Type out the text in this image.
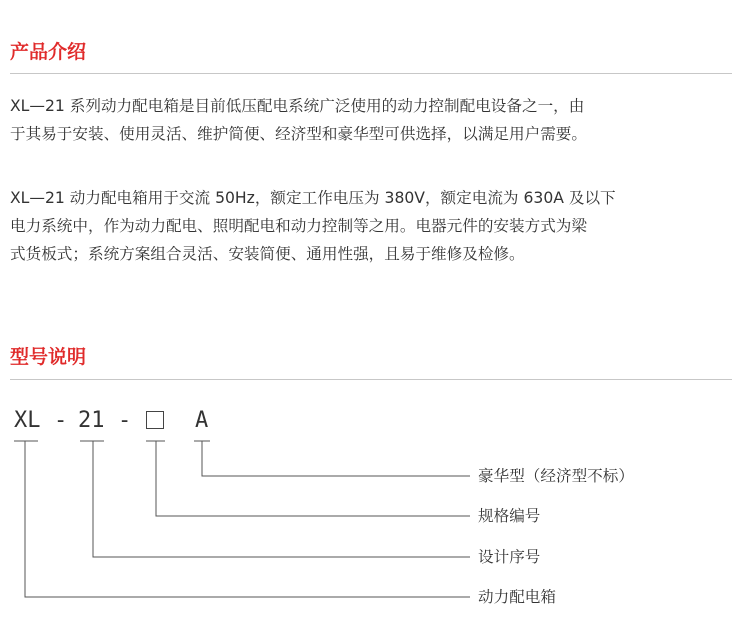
产品介绍

XL—21 系列动力配电箱是目前低压配电系统广泛使用的动力控制配电设备之一，由
于其易于安装、使用灵活、维护简便、经济型和豪华型可供选择，以满足用户需要。

XL—21 动力配电箱用于交流 50Hz，额定工作电压为 380V，额定电流为 630A 及以下
电力系统中，作为动力配电、照明配电和动力控制等之用。电器元件的安装方式为梁
式货板式；系统方案组合灵活、安装简便、通用性强，且易于维修及检修。

型号说明
XL - 21 -	A
豪华型（经济型不标）
规格编号
设计序号
动力配电箱
